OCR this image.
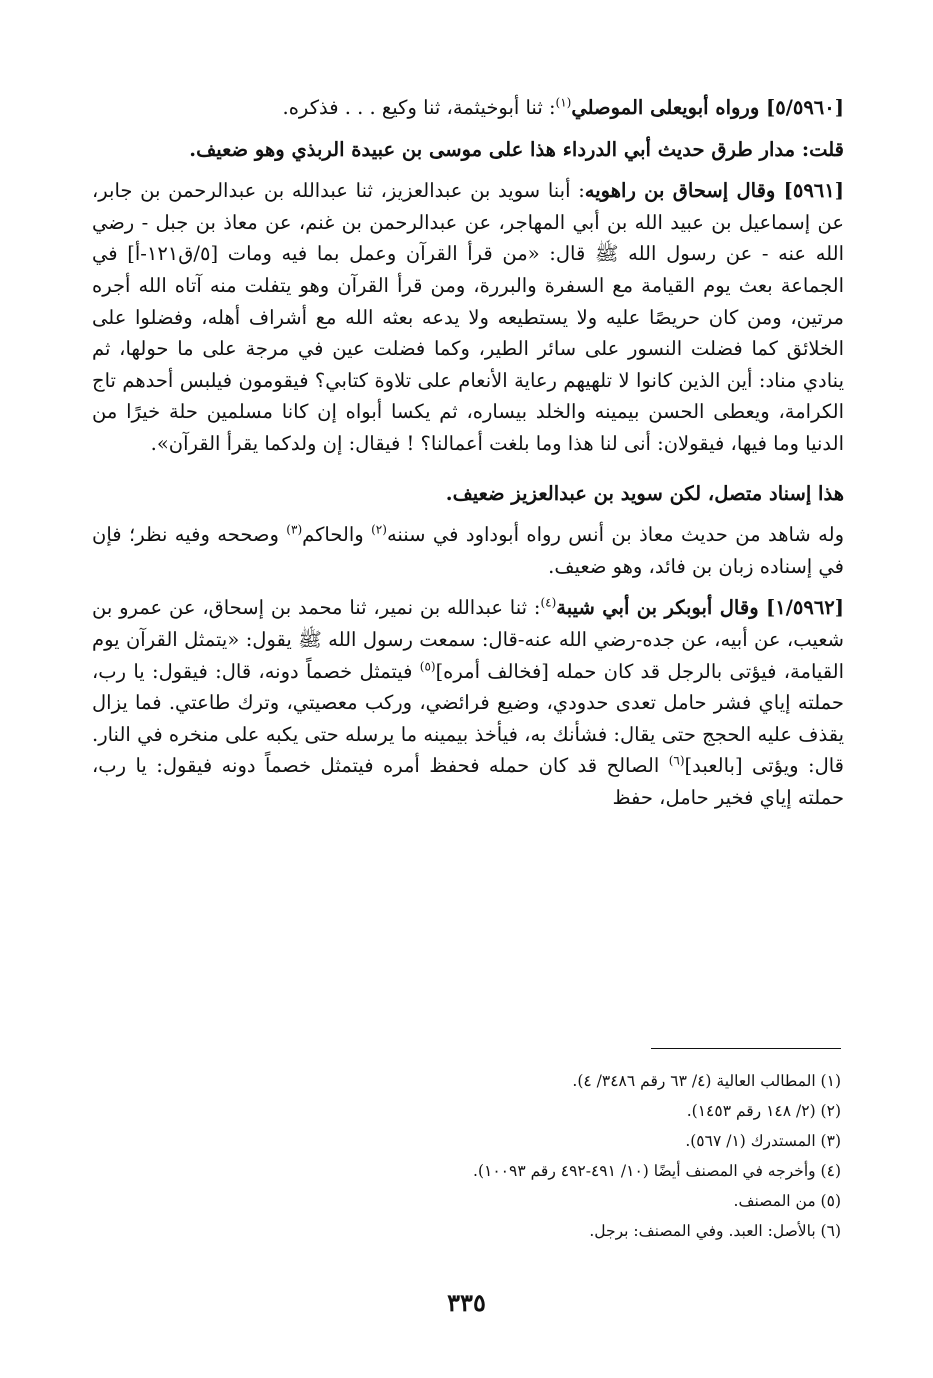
[٥/٥٩٦٠] ورواه أبويعلى الموصلي$^{(١)}$: ثنا أبوخيثمة، ثنا وكيع . . . فذكره.

قلت: مدار طرق حديث أبي الدرداء هذا على موسى بن عبيدة الربذي وهو ضعيف.

[٥٩٦١] وقال إسحاق بن راهويه: أبنا سويد بن عبدالعزيز، ثنا عبدالله بن عبدالرحمن بن جابر، عن إسماعيل بن عبيد الله بن أبي المهاجر، عن عبدالرحمن بن غنم، عن معاذ بن جبل - رضي الله عنه - عن رسول الله ﷺ قال: «من قرأ القرآن وعمل بما فيه ومات [٥/ق١٢١-أ] في الجماعة بعث يوم القيامة مع السفرة والبررة، ومن قرأ القرآن وهو يتفلت منه آتاه الله أجره مرتين، ومن كان حريصًا عليه ولا يستطيعه ولا يدعه بعثه الله مع أشراف أهله، وفضلوا على الخلائق كما فضلت النسور على سائر الطير، وكما فضلت عين في مرجة على ما حولها، ثم ينادي مناد: أين الذين كانوا لا تلهيهم رعاية الأنعام على تلاوة كتابي؟ فيقومون فيلبس أحدهم تاج الكرامة، ويعطى الحسن بيمينه والخلد بيساره، ثم يكسا أبواه إن كانا مسلمين حلة خيرًا من الدنيا وما فيها، فيقولان: أنى لنا هذا وما بلغت أعمالنا؟ ! فيقال: إن ولدكما يقرأ القرآن».

هذا إسناد متصل، لكن سويد بن عبدالعزيز ضعيف.

وله شاهد من حديث معاذ بن أنس رواه أبوداود في سننه$^{(٢)}$ والحاكم$^{(٣)}$ وصححه وفيه نظر؛ فإن في إسناده زبان بن فائد، وهو ضعيف.

[١/٥٩٦٢] وقال أبوبكر بن أبي شيبة$^{(٤)}$: ثنا عبدالله بن نمير، ثنا محمد بن إسحاق، عن عمرو بن شعيب، عن أبيه، عن جده-رضي الله عنه-قال: سمعت رسول الله ﷺ يقول: «يتمثل القرآن يوم القيامة، فيؤتى بالرجل قد كان حمله [فخالف أمره]$^{(٥)}$ فيتمثل خصماً دونه، قال: فيقول: يا رب، حملته إياي فشر حامل تعدى حدودي، وضيع فرائضي، وركب معصيتي، وترك طاعتي. فما يزال يقذف عليه الحجج حتى يقال: فشأنك به، فيأخذ بيمينه ما يرسله حتى يكبه على منخره في النار. قال: ويؤتى [بالعبد]$^{(٦)}$ الصالح قد كان حمله فحفظ أمره فيتمثل خصماً دونه فيقول: يا رب، حملته إياي فخير حامل، حفظ

(١) المطالب العالية (٤/ ٦٣ رقم ٣٤٨٦/ ٤).
(٢) (٢/ ١٤٨ رقم ١٤٥٣).
(٣) المستدرك (١/ ٥٦٧).
(٤) وأخرجه في المصنف أيضًا (١٠/ ٤٩١-٤٩٢ رقم ١٠٠٩٣).
(٥) من المصنف.
(٦) بالأصل: العبد. وفي المصنف: برجل.
٣٣٥
